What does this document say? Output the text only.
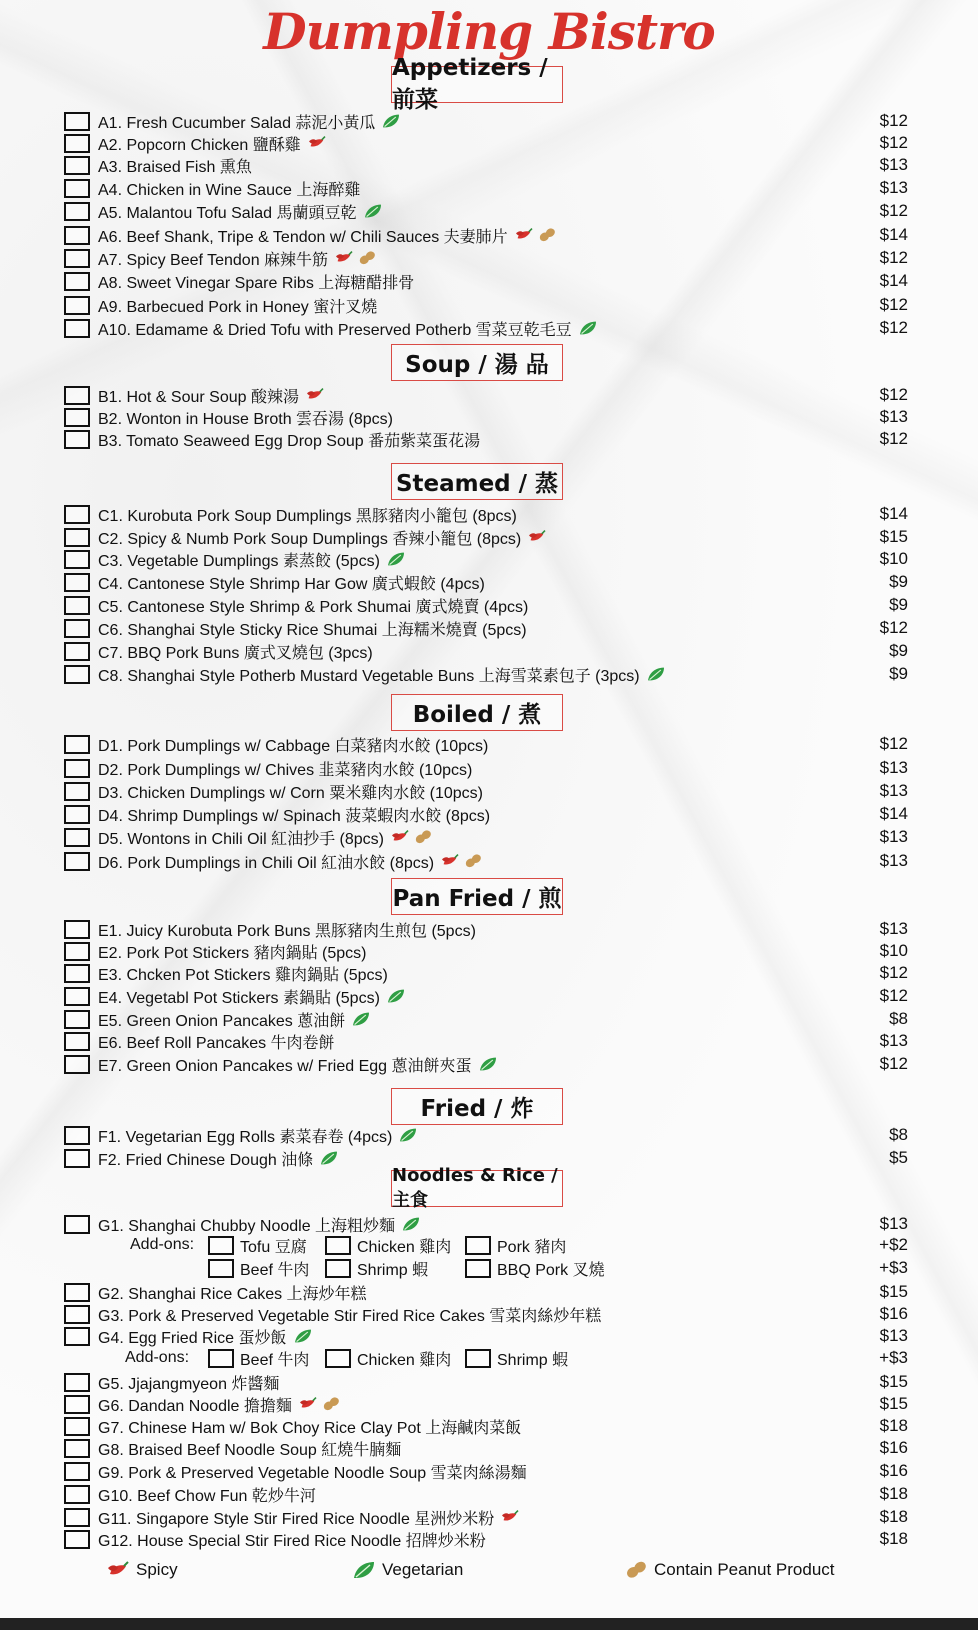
Dumpling Bistro
Appetizers / 前菜
A1. Fresh Cucumber Salad 蒜泥小黃瓜	$12
A2. Popcorn Chicken 鹽酥雞	$12
A3. Braised Fish 熏魚	$13
A4. Chicken in Wine Sauce 上海醉雞	$13
A5. Malantou Tofu Salad 馬蘭頭豆乾	$12
A6. Beef Shank, Tripe & Tendon w/ Chili Sauces 夫妻肺片	$14
A7. Spicy Beef Tendon 麻辣牛筋	$12
A8. Sweet Vinegar Spare Ribs 上海糖醋排骨	$14
A9. Barbecued Pork in Honey 蜜汁叉燒	$12
A10. Edamame & Dried Tofu with Preserved Potherb 雪菜豆乾毛豆	$12
Soup / 湯 品
B1. Hot & Sour Soup 酸辣湯	$12
B2. Wonton in House Broth 雲吞湯 (8pcs)	$13
B3. Tomato Seaweed Egg Drop Soup 番茄紫菜蛋花湯	$12
Steamed / 蒸
C1. Kurobuta Pork Soup Dumplings 黑豚豬肉小籠包 (8pcs)	$14
C2. Spicy & Numb Pork Soup Dumplings 香辣小籠包 (8pcs)	$15
C3. Vegetable Dumplings 素蒸餃 (5pcs)	$10
C4. Cantonese Style Shrimp Har Gow 廣式蝦餃 (4pcs)	$9
C5. Cantonese Style Shrimp & Pork Shumai 廣式燒賣 (4pcs)	$9
C6. Shanghai Style Sticky Rice Shumai 上海糯米燒賣 (5pcs)	$12
C7. BBQ Pork Buns 廣式叉燒包 (3pcs)	$9
C8. Shanghai Style Potherb Mustard Vegetable Buns 上海雪菜素包子 (3pcs)	$9
Boiled / 煮
D1. Pork Dumplings w/ Cabbage 白菜豬肉水餃 (10pcs)	$12
D2. Pork Dumplings w/ Chives 韭菜豬肉水餃 (10pcs)	$13
D3. Chicken Dumplings w/ Corn 粟米雞肉水餃 (10pcs)	$13
D4. Shrimp Dumplings w/ Spinach 菠菜蝦肉水餃 (8pcs)	$14
D5. Wontons in Chili Oil 紅油抄手 (8pcs)	$13
D6. Pork Dumplings in Chili Oil 紅油水餃 (8pcs)	$13
Pan Fried / 煎
E1. Juicy Kurobuta Pork Buns 黑豚豬肉生煎包 (5pcs)	$13
E2. Pork Pot Stickers 豬肉鍋貼 (5pcs)	$10
E3. Chcken Pot Stickers 雞肉鍋貼 (5pcs)	$12
E4. Vegetabl Pot Stickers 素鍋貼 (5pcs)	$12
E5. Green Onion Pancakes 蔥油餅	$8
E6. Beef Roll Pancakes 牛肉卷餅	$13
E7. Green Onion Pancakes w/ Fried Egg 蔥油餅夾蛋	$12
Fried / 炸
F1. Vegetarian Egg Rolls 素菜春卷 (4pcs)	$8
F2. Fried Chinese Dough 油條	$5
Noodles & Rice /主食
G1. Shanghai Chubby Noodle 上海粗炒麵	$13
Add-ons:	Tofu 豆腐	Chicken 雞肉	Pork 豬肉	+$2
Beef 牛肉	Shrimp 蝦	BBQ Pork 叉燒	+$3
G2. Shanghai Rice Cakes 上海炒年糕	$15
G3. Pork & Preserved Vegetable Stir Fired Rice Cakes 雪菜肉絲炒年糕	$16
G4. Egg Fried Rice 蛋炒飯	$13
Add-ons:	Beef 牛肉	Chicken 雞肉	Shrimp 蝦	+$3
G5. Jjajangmyeon 炸醬麵	$15
G6. Dandan Noodle 擔擔麵	$15
G7. Chinese Ham w/ Bok Choy Rice Clay Pot 上海鹹肉菜飯	$18
G8. Braised Beef Noodle Soup 紅燒牛腩麵	$16
G9. Pork & Preserved Vegetable Noodle Soup 雪菜肉絲湯麵	$16
G10. Beef Chow Fun 乾炒牛河	$18
G11. Singapore Style Stir Fired Rice Noodle 星洲炒米粉	$18
G12. House Special Stir Fired Rice Noodle 招牌炒米粉	$18
Spicy	Vegetarian	Contain Peanut Product
